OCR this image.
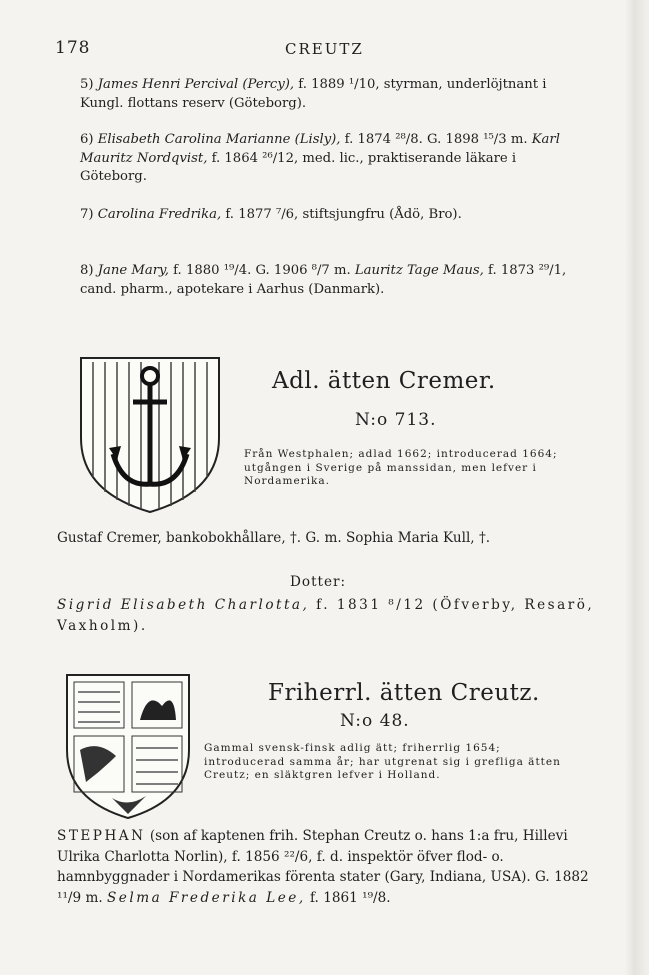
178	CREUTZ
5) James Henri Percival (Percy), f. 1889 ¹/10, styrman, underlöjtnant i Kungl. flottans reserv (Göteborg).
6) Elisabeth Carolina Marianne (Lisly), f. 1874 ²⁸/8. G. 1898 ¹⁵/3 m. Karl Mauritz Nordqvist, f. 1864 ²⁶/12, med. lic., praktiserande läkare i Göteborg.
7) Carolina Fredrika, f. 1877 ⁷/6, stiftsjungfru (Ådö, Bro).
8) Jane Mary, f. 1880 ¹⁹/4. G. 1906 ⁸/7 m. Lauritz Tage Maus, f. 1873 ²⁹/1, cand. pharm., apotekare i Aarhus (Danmark).
Adl. ätten Cremer.
N:o 713.
Från Westphalen; adlad 1662; introducerad 1664; utgången i Sverige på manssidan, men lefver i Nordamerika.
Gustaf Cremer, bankobokhållare, †. G. m. Sophia Maria Kull, †.
Dotter:
Sigrid Elisabeth Charlotta, f. 1831 ⁸/12 (Öfverby, Resarö, Vaxholm).
Friherrl. ätten Creutz.
N:o 48.
Gammal svensk-finsk adlig ätt; friherrlig 1654; introducerad samma år; har utgrenat sig i grefliga ätten Creutz; en släktgren lefver i Holland.
STEPHAN (son af kaptenen frih. Stephan Creutz o. hans 1:a fru, Hillevi Ulrika Charlotta Norlin), f. 1856 ²²/6, f. d. inspektör öfver flod- o. hamnbyggnader i Nordamerikas förenta stater (Gary, Indiana, USA). G. 1882 ¹¹/9 m. Selma Frederika Lee, f. 1861 ¹⁹/8.
